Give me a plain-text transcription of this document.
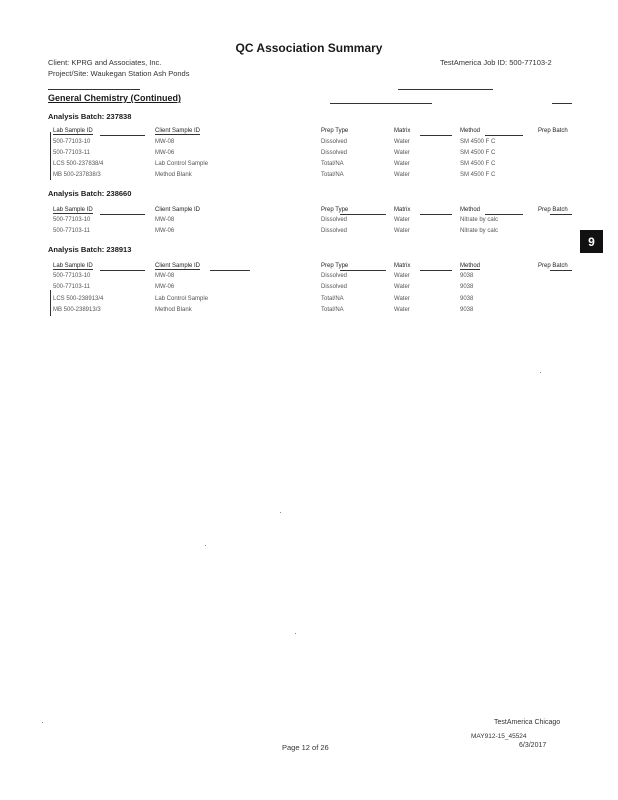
QC Association Summary
Client: KPRG and Associates, Inc.
Project/Site: Waukegan Station Ash Ponds
TestAmerica Job ID: 500-77103-2
General Chemistry (Continued)
Analysis Batch: 237838
Lab Sample ID	Client Sample ID	Prep Type	Matrix	Method	Prep Batch
500-77103-10	MW-08	Dissolved	Water	SM 4500 F C
500-77103-11	MW-06	Dissolved	Water	SM 4500 F C
LCS 500-237838/4	Lab Control Sample	Total/NA	Water	SM 4500 F C
MB 500-237838/3	Method Blank	Total/NA	Water	SM 4500 F C
Analysis Batch: 238660
Lab Sample ID	Client Sample ID	Prep Type	Matrix	Method	Prep Batch
500-77103-10	MW-08	Dissolved	Water	Nitrate by calc
500-77103-11	MW-06	Dissolved	Water	Nitrate by calc
Analysis Batch: 238913
Lab Sample ID	Client Sample ID	Prep Type	Matrix	Method	Prep Batch
500-77103-10	MW-08	Dissolved	Water	9038
500-77103-11	MW-06	Dissolved	Water	9038
LCS 500-238913/4	Lab Control Sample	Total/NA	Water	9038
MB 500-238913/3	Method Blank	Total/NA	Water	9038
9
TestAmerica Chicago
MAY912-15_45524
Page 12 of 26	6/3/2017
